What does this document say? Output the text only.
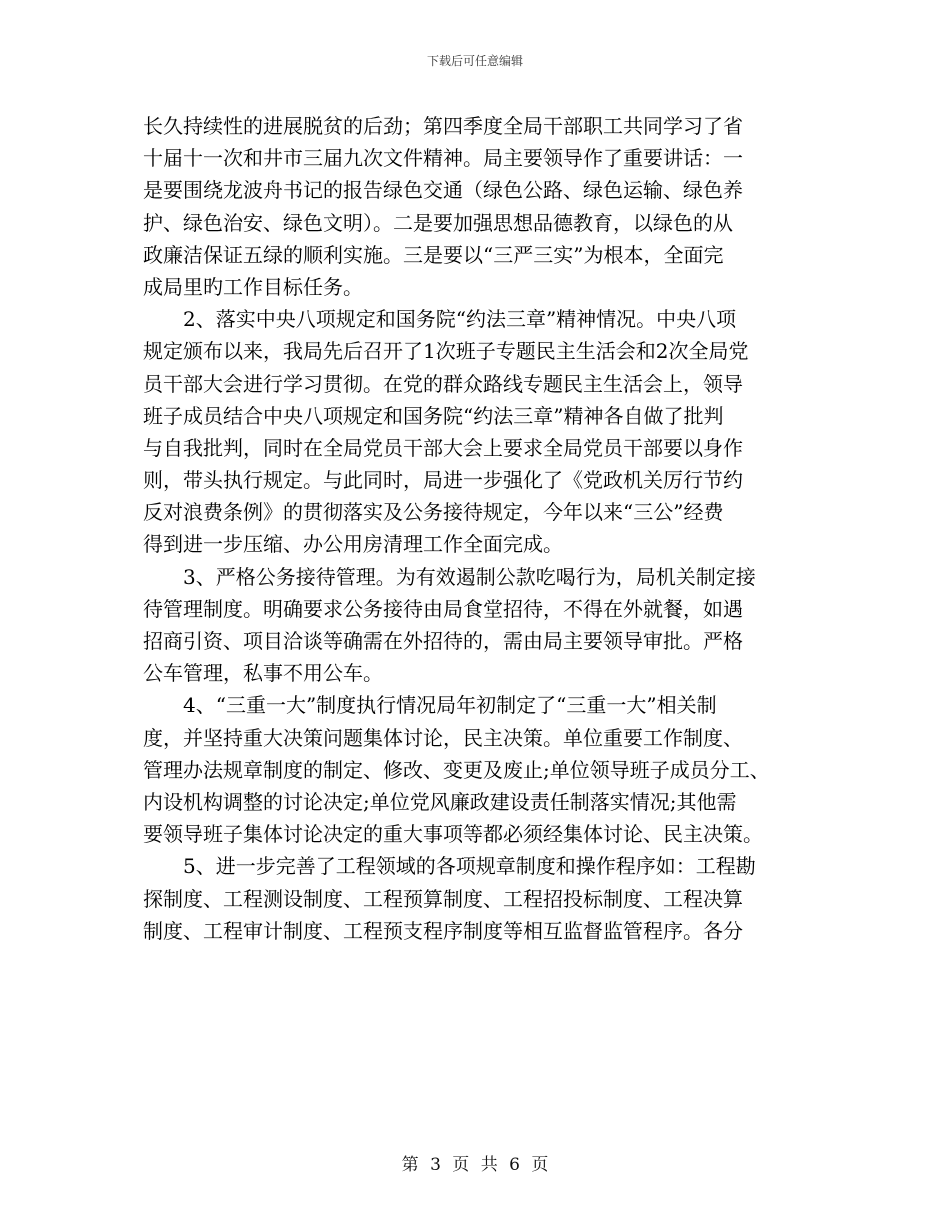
下载后可任意编辑
长久持续性的进展脱贫的后劲；第四季度全局干部职工共同学习了省
十届十一次和井市三届九次文件精神。局主要领导作了重要讲话：一
是要围绕龙波舟书记的报告绿色交通（绿色公路、绿色运输、绿色养
护、绿色治安、绿色文明）。二是要加强思想品德教育，以绿色的从
政廉洁保证五绿的顺利实施。三是要以“三严三实”为根本，全面完
成局里旳工作目标任务。
2、落实中央八项规定和国务院“约法三章”精神情况。中央八项
规定颁布以来，我局先后召开了1次班子专题民主生活会和2次全局党
员干部大会进行学习贯彻。在党的群众路线专题民主生活会上，领导
班子成员结合中央八项规定和国务院“约法三章”精神各自做了批判
与自我批判，同时在全局党员干部大会上要求全局党员干部要以身作
则，带头执行规定。与此同时，局进一步强化了《党政机关厉行节约
反对浪费条例》的贯彻落实及公务接待规定，今年以来“三公”经费
得到进一步压缩、办公用房清理工作全面完成。
3、严格公务接待管理。为有效遏制公款吃喝行为，局机关制定接
待管理制度。明确要求公务接待由局食堂招待，不得在外就餐，如遇
招商引资、项目洽谈等确需在外招待的，需由局主要领导审批。严格
公车管理，私事不用公车。
4、“三重一大”制度执行情况局年初制定了“三重一大”相关制
度，并坚持重大决策问题集体讨论，民主决策。单位重要工作制度、
管理办法规章制度的制定、修改、变更及废止;单位领导班子成员分工、
内设机构调整的讨论决定;单位党风廉政建设责任制落实情况;其他需
要领导班子集体讨论决定的重大事项等都必须经集体讨论、民主决策。
5、进一步完善了工程领域的各项规章制度和操作程序如：工程勘
探制度、工程测设制度、工程预算制度、工程招投标制度、工程决算
制度、工程审计制度、工程预支程序制度等相互监督监管程序。各分
第 3 页 共 6 页
